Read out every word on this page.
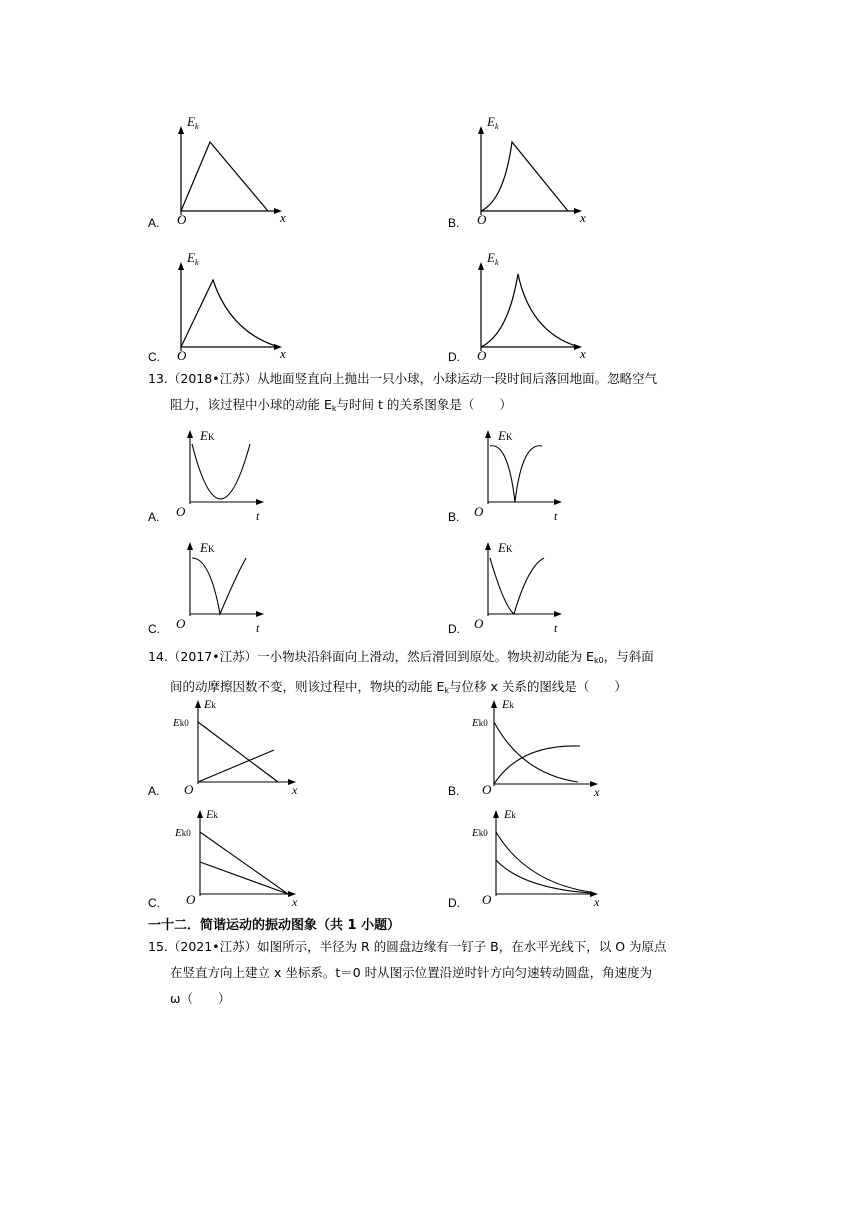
$E_k$
x
O
A.
$E_k$
x
O
B.
$E_k$
x
O
C.
$E_k$
x
O
D.
13.（2018•江苏）从地面竖直向上抛出一只小球，小球运动一段时间后落回地面。忽略空气
阻力，该过程中小球的动能 $E_k$与时间 t 的关系图象是（　　）
EK
t
O
A.
EK
t
O
B.
EK
t
O
C.
EK
t
O
D.
14.（2017•江苏）一小物块沿斜面向上滑动，然后滑回到原处。物块初动能为 $E_{k0}$，与斜面
间的动摩擦因数不变，则该过程中，物块的动能 $E_k$与位移 x 关系的图线是（　　）
Ek
Ek0
x
O
A.
Ek
Ek0
x
O
B.
Ek
Ek0
x
O
C.
Ek
Ek0
x
O
D.
一十二．简谐运动的振动图象（共 1 小题）
15.（2021•江苏）如图所示，半径为 R 的圆盘边缘有一钉子 B，在水平光线下，以 O 为原点
在竖直方向上建立 x 坐标系。t＝0 时从图示位置沿逆时针方向匀速转动圆盘，角速度为
ω（　　）
